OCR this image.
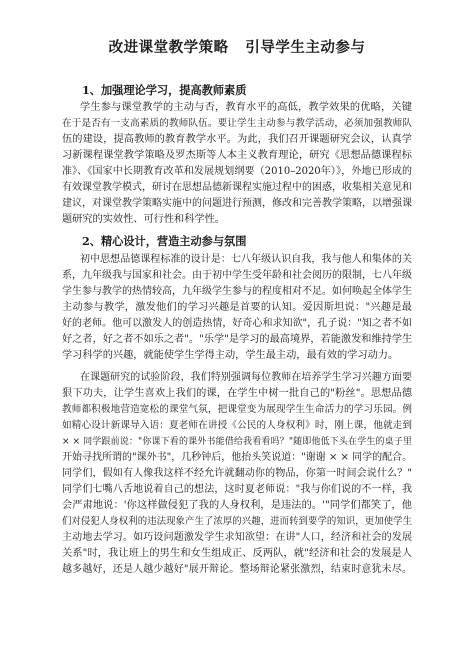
改进课堂教学策略   引导学生主动参与
1、加强理论学习，提高教师素质
学生参与课堂教学的主动与否，教育水平的高低，教学效果的优略，关键
在于是否有一支高素质的教师队伍。要让学生主动参与教学活动，必须加强教师队
伍的建设，提高教师的教育教学水平。为此，我们召开课题研究会议，认真学
习新课程课堂教学策略及罗杰斯等人本主义教育理论，研究《思想品德课程标
准》、《国家中长期教育改革和发展规划纲要（2010–2020年）》，外地已形成的
有效课堂教学模式，研讨在思想品德新课程实施过程中的困惑，收集相关意见和
建议，对课堂教学策略实施中的问题进行预测，修改和完善教学策略，以增强课
题研究的实效性、可行性和科学性。
2、精心设计，营造主动参与氛围
初中思想品德课程标准的设计是：七八年级认识自我，我与他人和集体的关
系，九年级我与国家和社会。由于初中学生受年龄和社会阅历的限制，七八年级
学生参与教学的热情较高，九年级学生参与的程度相对不足。如何唤起全体学生
主动参与教学，激发他们的学习兴趣是首要的认知。爱因斯坦说："兴趣是最
好的老师。他可以激发人的创造热情，好奇心和求知欲"，孔子说："知之者不如
好之者，好之者不如乐之者"。"乐学"是学习的最高境界，若能激发和维持学生
学习科学的兴趣，就能使学生学得主动，学生最主动，最有效的学习动力。
在课题研究的试验阶段，我们特别强调每位教师在培养学生学习兴趣方面要
狠下功夫，让学生喜欢上我们的课，在学生中树一批自己的"粉丝"。思想品德
教师都积极地营造宽松的课堂气氛，把课堂变为展现学生生命活力的学习乐园。例
如精心设计新课导入语：夏老师在讲授《公民的人身权利》时，刚上课，他就走到
× × 同学跟前说："你课下看的课外书能借给我看看吗？"随即他低下头在学生的桌子里
开始寻找所谓的"课外书"，几秒钟后，他抬头笑说道："谢谢 × × 同学的配合。
同学们，假如有人像我这样不经允许就翻动你的物品，你第一时间会说什么？"
同学们七嘴八舌地说着自己的想法，这时夏老师说："我与你们说的不一样，我
会严肃地说：'你这样做侵犯了我的人身权利，是违法的。'"同学们都笑了，他
们对侵犯人身权利的违法现象产生了浓厚的兴趣，进而转到要学的知识，更加使学生
主动地去学习。如巧设问题激发学生求知欲望：在讲"人口，经济和社会的发展
关系"时，我让班上的男生和女生组成正、反两队，就"经济和社会的发展是人
越多越好，还是人越少越好"展开辩论。整场辩论紧张激烈，结束时意犹未尽。
